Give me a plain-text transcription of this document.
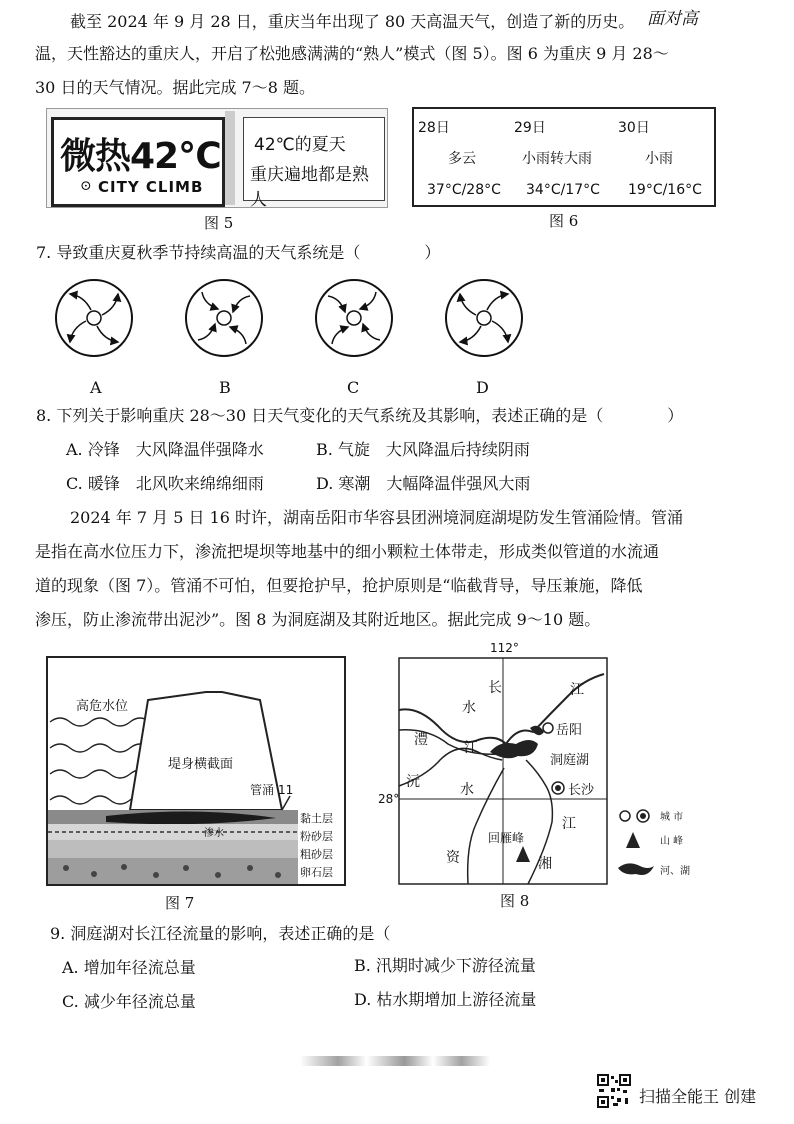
截至 2024 年 9 月 28 日，重庆当年出现了 80 天高温天气，创造了新的历史。 面对高
温，天性豁达的重庆人，开启了松弛感满满的“熟人”模式（图 5）。图 6 为重庆 9 月 28～
30 日的天气情况。据此完成 7～8 题。
微热42℃
⊙ CITY CLIMB
42℃的夏天
重庆遍地都是熟人
图 5
28日	29日	30日
多云	小雨转大雨	小雨
37°C/28°C 34°C/17°C 19°C/16°C
图 6
7. 导致重庆夏秋季节持续高温的天气系统是（　　　　）
A	B	C	D
8. 下列关于影响重庆 28～30 日天气变化的天气系统及其影响，表述正确的是（　　　　）
A. 冷锋　大风降温伴强降水	B. 气旋　大风降温后持续阴雨
C. 暖锋　北风吹来绵绵细雨	D. 寒潮　大幅降温伴强风大雨
2024 年 7 月 5 日 16 时许，湖南岳阳市华容县团洲境洞庭湖堤防发生管涌险情。管涌
是指在高水位压力下，渗流把堤坝等地基中的细小颗粒土体带走，形成类似管道的水流通
道的现象（图 7）。管涌不可怕，但要抢护早，抢护原则是“临截背导，导压兼施，降低
渗压，防止渗流带出泥沙”。图 8 为洞庭湖及其附近地区。据此完成 9～10 题。
堤身横截面
高危水位
渗水
管涌 11
黏土层
粉砂层
粗砂层
卵石层
图 7
112°
28°
长	江
水
澧	江
沅	水
资
江
湘
岳阳
洞庭湖
长沙
回雁峰
城 市
山 峰
河、湖
图 8
9. 洞庭湖对长江径流量的影响，表述正确的是（
A. 增加年径流总量	B. 汛期时减少下游径流量
C. 减少年径流总量	D. 枯水期增加上游径流量
扫描全能王 创建
